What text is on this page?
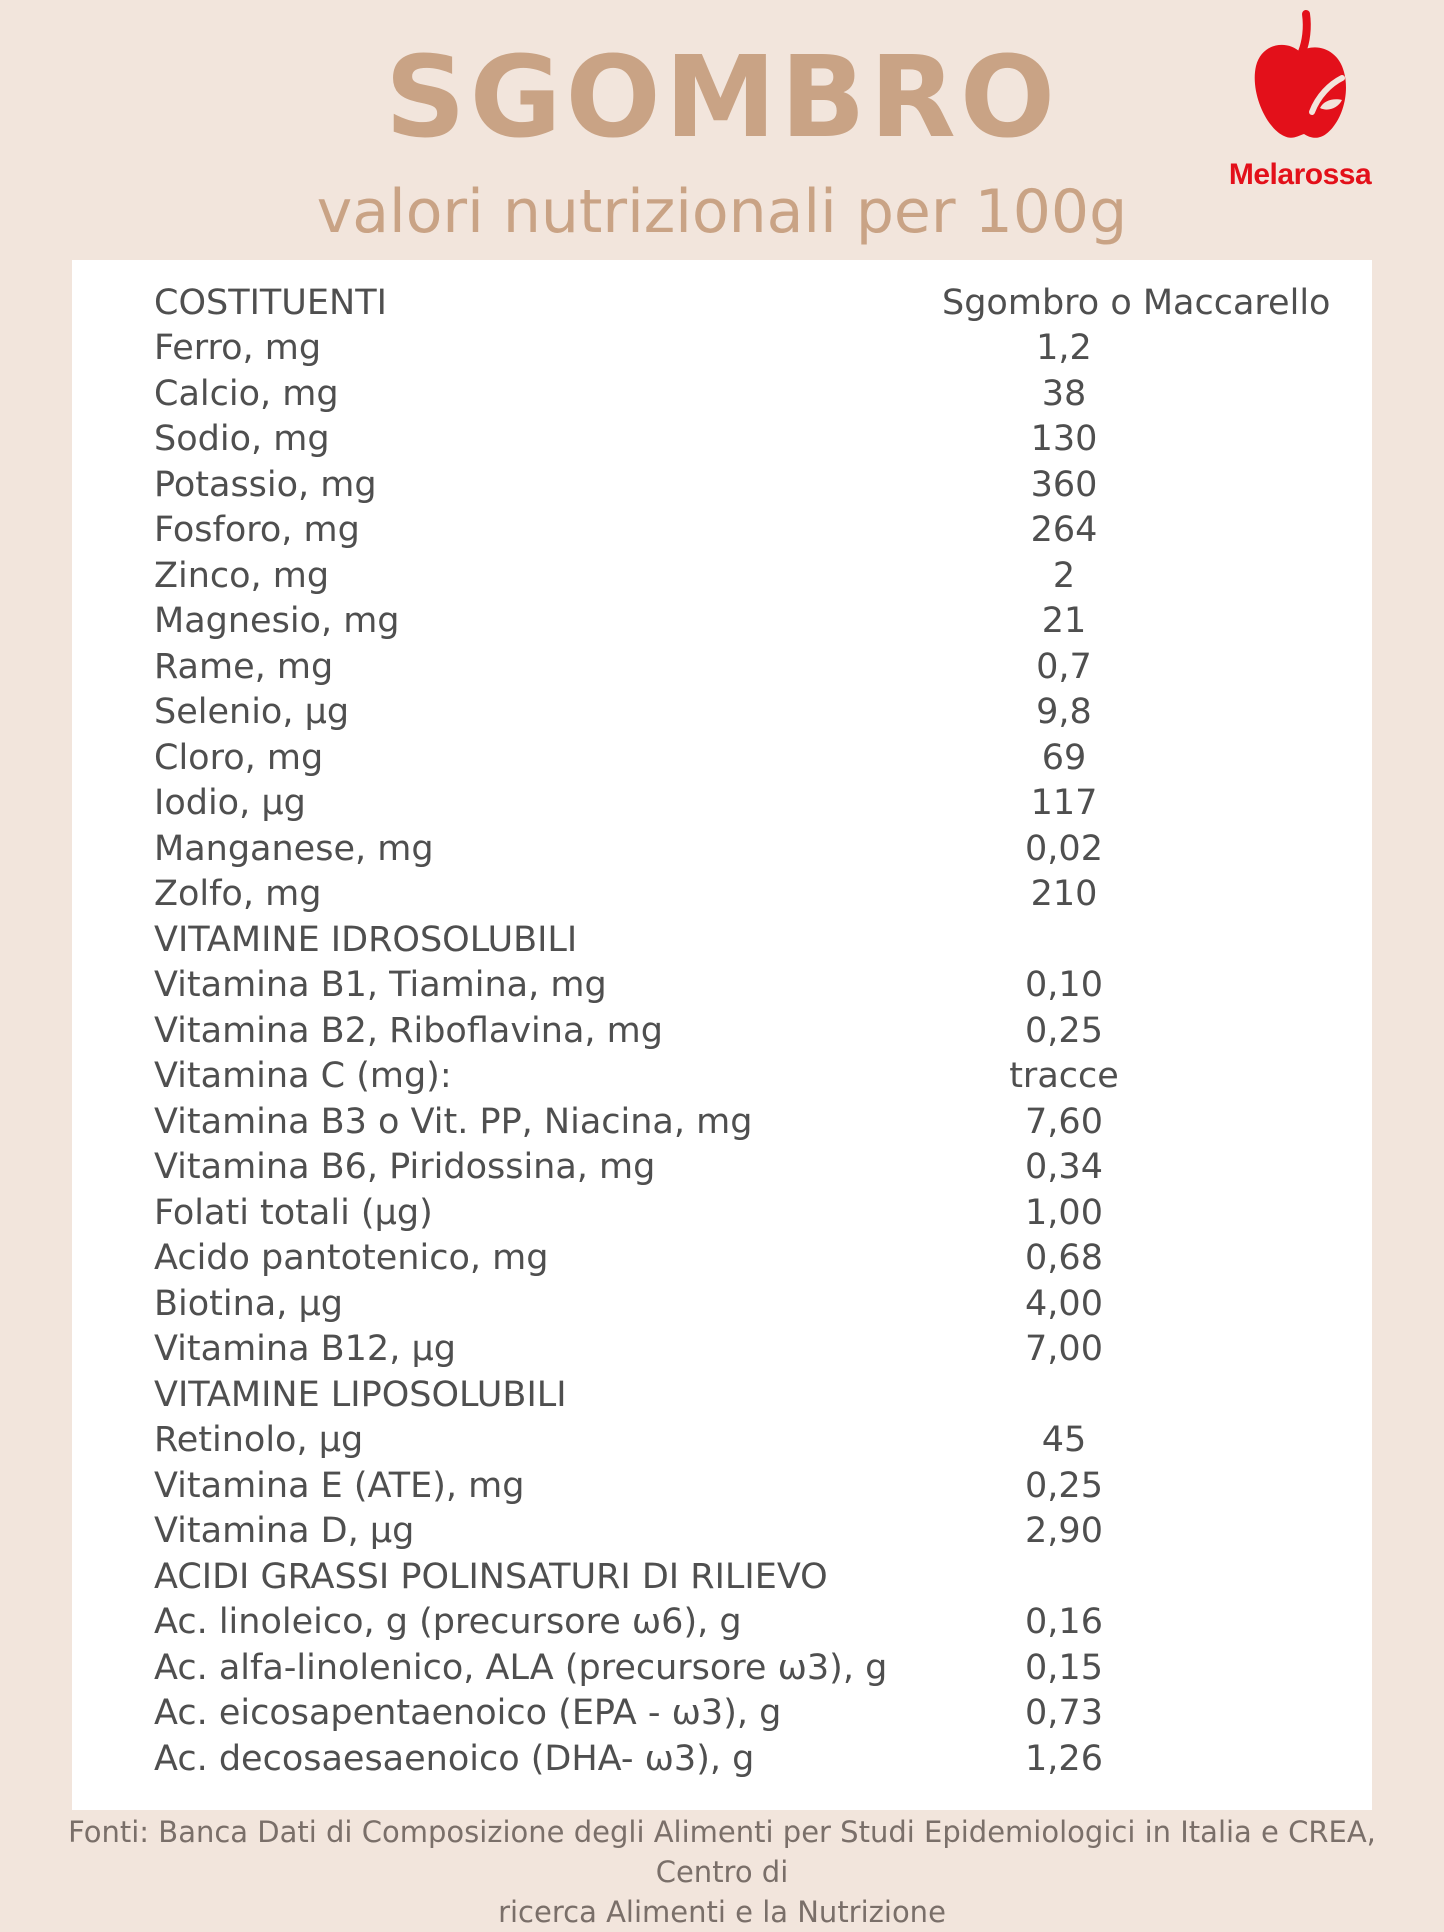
SGOMBRO
valori nutrizionali per 100g
Melarossa
COSTITUENTI	Sgombro o Maccarello
Ferro, mg	1,2
Calcio, mg	38
Sodio, mg	130
Potassio, mg	360
Fosforo, mg	264
Zinco, mg	2
Magnesio, mg	21
Rame, mg	0,7
Selenio, μg	9,8
Cloro, mg	69
Iodio, μg	117
Manganese, mg	0,02
Zolfo, mg	210
VITAMINE IDROSOLUBILI
Vitamina B1, Tiamina, mg	0,10
Vitamina B2, Riboflavina, mg	0,25
Vitamina C (mg):	tracce
Vitamina B3 o Vit. PP, Niacina, mg	7,60
Vitamina B6, Piridossina, mg	0,34
Folati totali (μg)	1,00
Acido pantotenico, mg	0,68
Biotina, μg	4,00
Vitamina B12, μg	7,00
VITAMINE LIPOSOLUBILI
Retinolo, μg	45
Vitamina E (ATE), mg	0,25
Vitamina D, μg	2,90
ACIDI GRASSI POLINSATURI DI RILIEVO
Ac. linoleico, g (precursore ω6), g	0,16
Ac. alfa-linolenico, ALA (precursore ω3), g	0,15
Ac. eicosapentaenoico (EPA - ω3), g	0,73
Ac. decosaesaenoico (DHA- ω3), g	1,26
Fonti: Banca Dati di Composizione degli Alimenti per Studi Epidemiologici in Italia e CREA, Centro di
ricerca Alimenti e la Nutrizione
